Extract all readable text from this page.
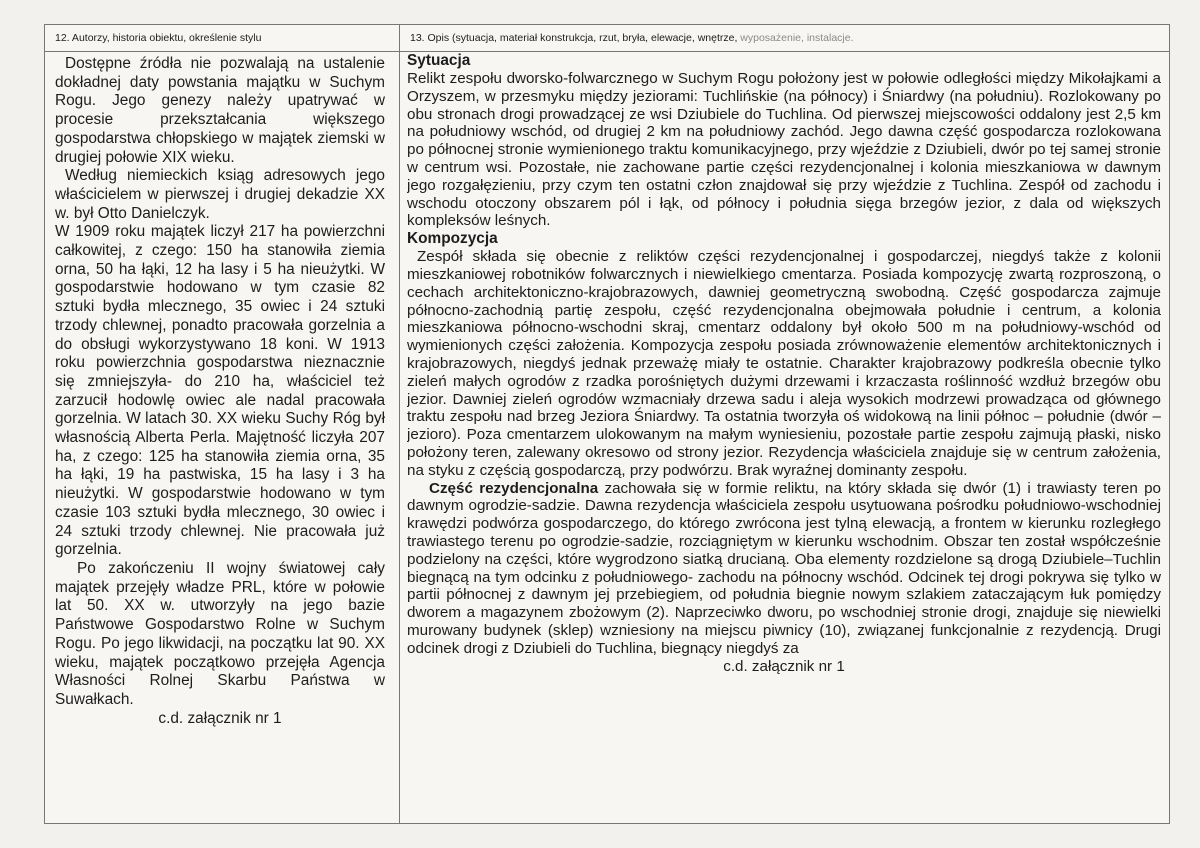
12. Autorzy, historia obiektu, określenie stylu	13. Opis (sytuacja, materiał konstrukcja, rzut, bryła, elewacje, wnętrze, wyposażenie, instalacje.

Dostępne źródła nie pozwalają na ustalenie dokładnej daty powstania majątku w Suchym Rogu. Jego genezy należy upatrywać w procesie przekształcania większego gospodarstwa chłopskiego w majątek ziemski w drugiej połowie XIX wieku.

Według niemieckich ksiąg adresowych jego właścicielem w pierwszej i drugiej dekadzie XX w. był Otto Danielczyk.

W 1909 roku majątek liczył 217 ha powierzchni całkowitej, z czego: 150 ha stanowiła ziemia orna, 50 ha łąki, 12 ha lasy i 5 ha nieużytki. W gospodarstwie hodowano w tym czasie 82 sztuki bydła mlecznego, 35 owiec i 24 sztuki trzody chlewnej, ponadto pracowała gorzelnia a do obsługi wykorzystywano 18 koni. W 1913 roku powierzchnia gospodarstwa nieznacznie się zmniejszyła- do 210 ha, właściciel też zarzucił hodowlę owiec ale nadal pracowała gorzelnia. W latach 30. XX wieku Suchy Róg był własnością Alberta Perla. Majętność liczyła 207 ha, z czego: 125 ha stanowiła ziemia orna, 35 ha łąki, 19 ha pastwiska, 15 ha lasy i 3 ha nieużytki. W gospodarstwie hodowano w tym czasie 103 sztuki bydła mlecznego, 30 owiec i 24 sztuki trzody chlewnej. Nie pracowała już gorzelnia.

Po zakończeniu II wojny światowej cały majątek przejęły władze PRL, które w połowie lat 50. XX w. utworzyły na jego bazie Państwowe Gospodarstwo Rolne w Suchym Rogu. Po jego likwidacji, na początku lat 90. XX wieku, majątek początkowo przejęła Agencja Własności Rolnej Skarbu Państwa w Suwałkach.

c.d. załącznik nr 1

Sytuacja

Relikt zespołu dworsko-folwarcznego w Suchym Rogu położony jest w połowie odległości między Mikołajkami a Orzyszem, w przesmyku między jeziorami: Tuchlińskie (na północy) i Śniardwy (na południu). Rozlokowany po obu stronach drogi prowadzącej ze wsi Dziubiele do Tuchlina. Od pierwszej miejscowości oddalony jest 2,5 km na południowy wschód, od drugiej 2 km na południowy zachód. Jego dawna część gospodarcza rozlokowana po północnej stronie wymienionego traktu komunikacyjnego, przy wjeździe z Dziubieli, dwór po tej samej stronie w centrum wsi. Pozostałe, nie zachowane partie części rezydencjonalnej i kolonia mieszkaniowa w dawnym jego rozgałęzieniu, przy czym ten ostatni człon znajdował się przy wjeździe z Tuchlina. Zespół od zachodu i wschodu otoczony obszarem pól i łąk, od północy i południa sięga brzegów jezior, z dala od większych kompleksów leśnych.

Kompozycja

Zespół składa się obecnie z reliktów części rezydencjonalnej i gospodarczej, niegdyś także z kolonii mieszkaniowej robotników folwarcznych i niewielkiego cmentarza. Posiada kompozycję zwartą rozproszoną, o cechach architektoniczno-krajobrazowych, dawniej geometryczną swobodną. Część gospodarcza zajmuje północno-zachodnią partię zespołu, część rezydencjonalna obejmowała południe i centrum, a kolonia mieszkaniowa północno-wschodni skraj, cmentarz oddalony był około 500 m na południowy-wschód od wymienionych części założenia. Kompozycja zespołu posiada zrównoważenie elementów architektonicznych i krajobrazowych, niegdyś jednak przeważę miały te ostatnie. Charakter krajobrazowy podkreśla obecnie tylko zieleń małych ogrodów z rzadka porośniętych dużymi drzewami i krzaczasta roślinność wzdłuż brzegów obu jezior. Dawniej zieleń ogrodów wzmacniały drzewa sadu i aleja wysokich modrzewi prowadząca od głównego traktu zespołu nad brzeg Jeziora Śniardwy. Ta ostatnia tworzyła oś widokową na linii północ – południe (dwór – jezioro). Poza cmentarzem ulokowanym na małym wyniesieniu, pozostałe partie zespołu zajmują płaski, nisko położony teren, zalewany okresowo od strony jezior. Rezydencja właściciela znajduje się w centrum założenia, na styku z częścią gospodarczą, przy podwórzu. Brak wyraźnej dominanty zespołu.

Część rezydencjonalna zachowała się w formie reliktu, na który składa się dwór (1) i trawiasty teren po dawnym ogrodzie-sadzie. Dawna rezydencja właściciela zespołu usytuowana pośrodku południowo-wschodniej krawędzi podwórza gospodarczego, do którego zwrócona jest tylną elewacją, a frontem w kierunku rozległego trawiastego terenu po ogrodzie-sadzie, rozciągniętym w kierunku wschodnim. Obszar ten został współcześnie podzielony na części, które wygrodzono siatką drucianą. Oba elementy rozdzielone są drogą Dziubiele–Tuchlin biegnącą na tym odcinku z południowego- zachodu na północny wschód. Odcinek tej drogi pokrywa się tylko w partii północnej z dawnym jej przebiegiem, od południa biegnie nowym szlakiem zataczającym łuk pomiędzy dworem a magazynem zbożowym (2). Naprzeciwko dworu, po wschodniej stronie drogi, znajduje się niewielki murowany budynek (sklep) wzniesiony na miejscu piwnicy (10), związanej funkcjonalnie z rezydencją. Drugi odcinek drogi z Dziubieli do Tuchlina, biegnący niegdyś za

c.d. załącznik nr 1
